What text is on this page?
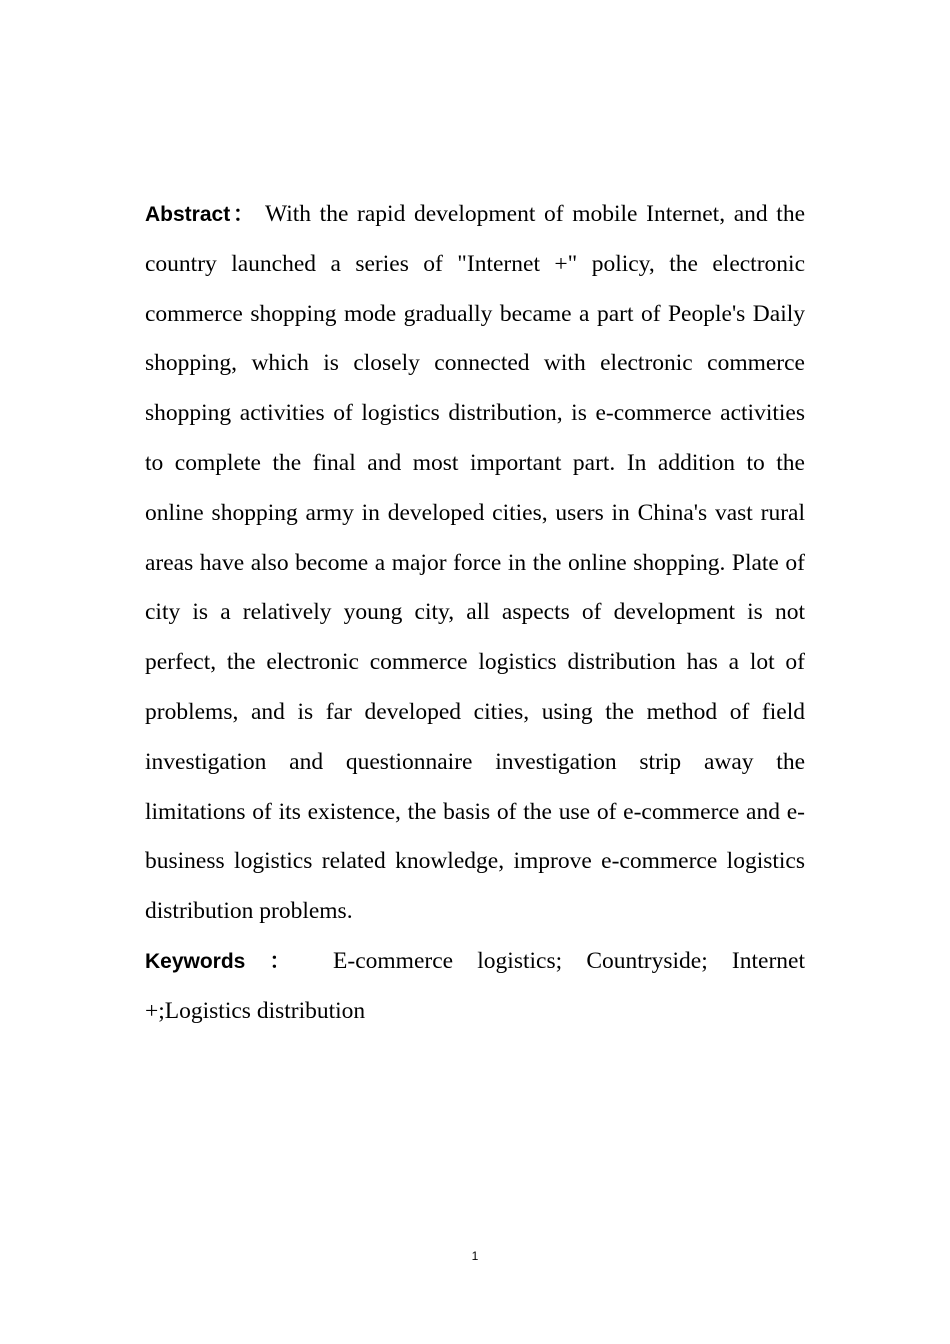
Abstract： With the rapid development of mobile Internet, and the country launched a series of "Internet +" policy, the electronic commerce shopping mode gradually became a part of People's Daily shopping, which is closely connected with electronic commerce shopping activities of logistics distribution, is e-commerce activities to complete the final and most important part. In addition to the online shopping army in developed cities, users in China's vast rural areas have also become a major force in the online shopping. Plate of city is a relatively young city, all aspects of development is not perfect, the electronic commerce logistics distribution has a lot of problems, and is far developed cities, using the method of field investigation and questionnaire investigation strip away the limitations of its existence, the basis of the use of e-commerce and e-business logistics related knowledge, improve e-commerce logistics distribution problems.

Keywords ： E-commerce logistics; Countryside; Internet +;Logistics distribution

1
